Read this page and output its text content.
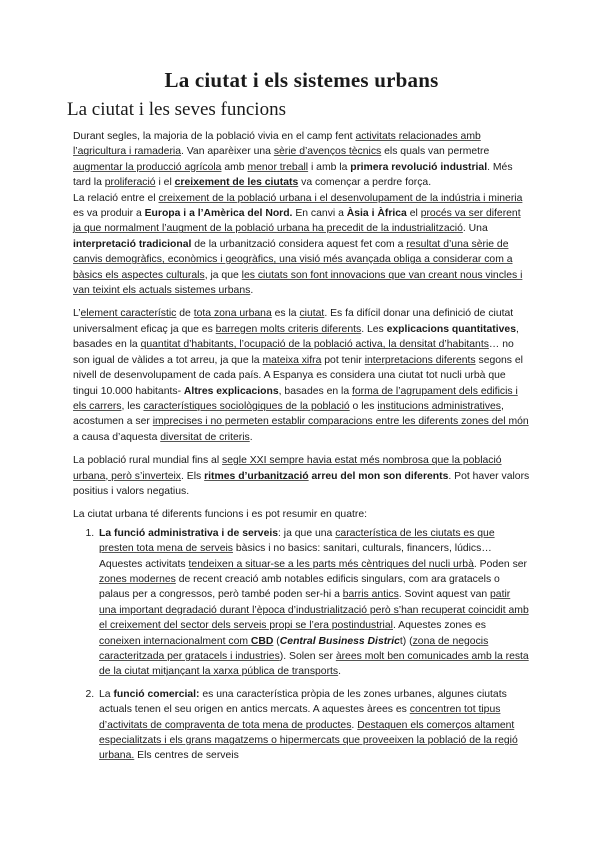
La ciutat i els sistemes urbans
La ciutat i les seves funcions

Durant segles, la majoria de la població vivia en el camp fent activitats relacionades amb l’agricultura i ramaderia. Van aparèixer una sèrie d’avenços tècnics els quals van permetre augmentar la producció agrícola amb menor treball i amb la primera revolució industrial. Més tard la proliferació i el creixement de les ciutats va començar a perdre força.
La relació entre el creixement de la població urbana i el desenvolupament de la indústria i mineria es va produir a Europa i a l’Amèrica del Nord. En canvi a Àsia i Àfrica el procés va ser diferent ja que normalment l’augment de la població urbana ha precedit de la industrialització. Una interpretació tradicional de la urbanització considera aquest fet com a resultat d’una sèrie de canvis demogràfics, econòmics i geogràfics, una visió més avançada obliga a considerar com a bàsics els aspectes culturals, ja que les ciutats son font innovacions que van creant nous vincles i van teixint els actuals sistemes urbans.

L’element característic de tota zona urbana es la ciutat. Es fa difícil donar una definició de ciutat universalment eficaç ja que es barregen molts criteris diferents. Les explicacions quantitatives, basades en la quantitat d’habitants, l’ocupació de la població activa, la densitat d’habitants… no son igual de vàlides a tot arreu, ja que la mateixa xifra pot tenir interpretacions diferents segons el nivell de desenvolupament de cada país. A Espanya es considera una ciutat tot nucli urbà que tingui 10.000 habitants- Altres explicacions, basades en la forma de l’agrupament dels edificis i els carrers, les característiques sociològiques de la població o les institucions administratives, acostumen a ser imprecises i no permeten establir comparacions entre les diferents zones del món a causa d’aquesta diversitat de criteris.

La població rural mundial fins al segle XXI sempre havia estat més nombrosa que la població urbana, però s’inverteix. Els ritmes d’urbanització arreu del mon son diferents. Pot haver valors positius i valors negatius.

La ciutat urbana té diferents funcions i es pot resumir en quatre:

1. La funció administrativa i de serveis: ja que una característica de les ciutats es que presten tota mena de serveis bàsics i no basics: sanitari, culturals, financers, lúdics… Aquestes activitats tendeixen a situar-se a les parts més cèntriques del nucli urbà. Poden ser zones modernes de recent creació amb notables edificis singulars, com ara gratacels o palaus per a congressos, però també poden ser-hi a barris antics. Sovint aquest van patir una important degradació durant l’època d’industrialització però s’han recuperat coincidit amb el creixement del sector dels serveis propi se l’era postindustrial. Aquestes zones es coneixen internacionalment com CBD (Central Business District) (zona de negocis caracteritzada per gratacels i industries). Solen ser àrees molt ben comunicades amb la resta de la ciutat mitjançant la xarxa pública de transports.
2. La funció comercial: es una característica pròpia de les zones urbanes, algunes ciutats actuals tenen el seu origen en antics mercats. A aquestes àrees es concentren tot tipus d’activitats de compraventa de tota mena de productes. Destaquen els comerços altament especialitzats i els grans magatzems o hipermercats que proveeixen la població de la regió urbana. Els centres de serveis
